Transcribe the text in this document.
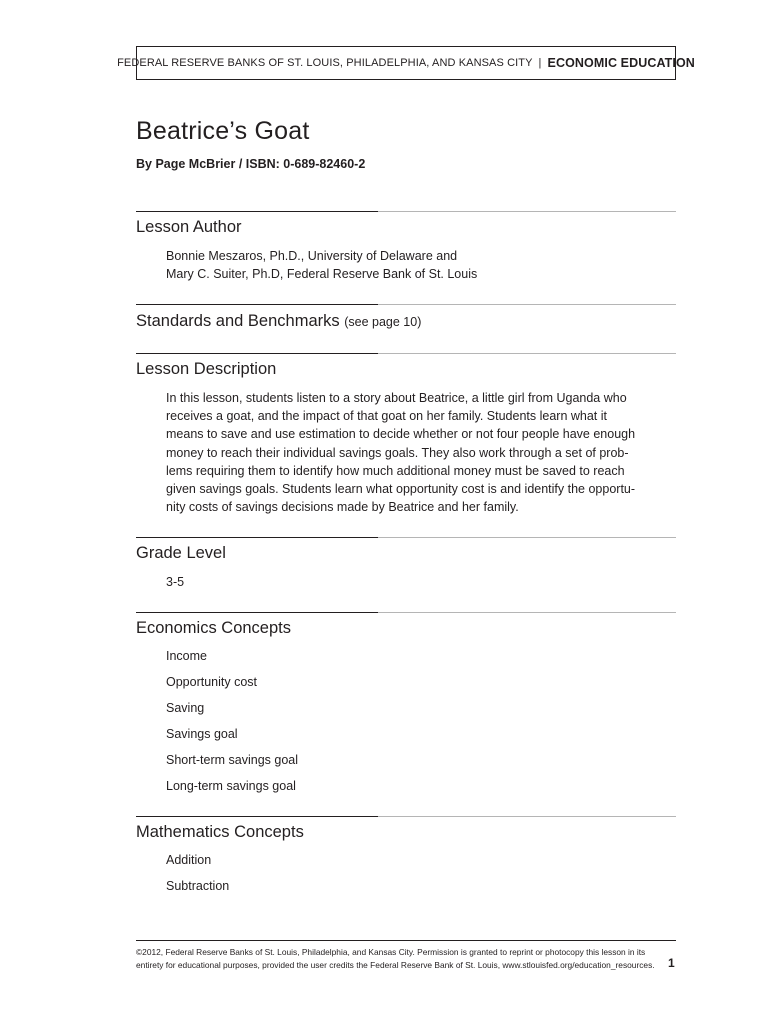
FEDERAL RESERVE BANKS OF ST. LOUIS, PHILADELPHIA, AND KANSAS CITY | ECONOMIC EDUCATION
Beatrice’s Goat

By Page McBrier / ISBN: 0-689-82460-2

Lesson Author
Bonnie Meszaros, Ph.D., University of Delaware and
Mary C. Suiter, Ph.D, Federal Reserve Bank of St. Louis
Standards and Benchmarks (see page 10)
Lesson Description
In this lesson, students listen to a story about Beatrice, a little girl from Uganda who
receives a goat, and the impact of that goat on her family. Students learn what it
means to save and use estimation to decide whether or not four people have enough
money to reach their individual savings goals. They also work through a set of prob-
lems requiring them to identify how much additional money must be saved to reach
given savings goals. Students learn what opportunity cost is and identify the opportu-
nity costs of savings decisions made by Beatrice and her family.
Grade Level
3-5
Economics Concepts
Income
Opportunity cost
Saving
Savings goal
Short-term savings goal
Long-term savings goal
Mathematics Concepts
Addition
Subtraction
©2012, Federal Reserve Banks of St. Louis, Philadelphia, and Kansas City. Permission is granted to reprint or photocopy this lesson in its
entirety for educational purposes, provided the user credits the Federal Reserve Bank of St. Louis, www.stlouisfed.org/education_resources. 1
